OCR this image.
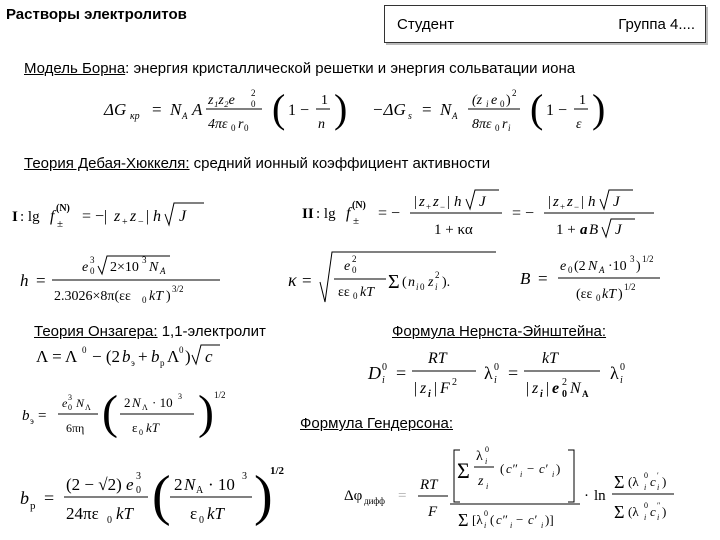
Растворы электролитов
Студент	Группа 4....
Модель Борна: энергия кристаллической решетки и энергия сольватации иона
ΔG кр = N A A z₁z₂e 2
0
4πε 0 r 0 ( 1 −
1
n ) −ΔG s = N A
(z i e 0 ) 2
8πε 0 r i ( 1 −
1
ε )
Теория Дебая-Хюккеля: средний ионный коэффициент активности
I : lg f (N)
± = −| z + z − | h J	II : lg f (N)
± = −
| z + z − | h J
1 + κα
= −
| z + z − | h J
1 + a B J
h =
e 3
0 2×10 3 N A
2.3026×8π(εε 0 kT ) 3/2	κ =
e 2
0
εε 0 kT Σ ( n i 0 z 2
i ).	B =
e 0 (2 N A ·10 3 ) 1/2
(εε 0 kT ) 1/2
Теория Онзагера: 1,1-электролит	Формула Нернста-Эйнштейна:
Λ = Λ 0 − (2 b э + b р Λ 0 ) c
b э =
e 3
0 N Λ
6πη ( 2 N Λ · 10 3
ε 0 kT ) 1/2
b р =
(2 − √2) e 3
0
24πε 0 kT ( 2 N A · 10 3
ε 0 kT )
1/2
D 0
i =
RT
| z i | F 2 λ 0
i =
kT
| z i | e 2
0 N A
λ 0
i
Формула Гендерсона:
Δφ дифф =
RT
F
Σ
λ 0
i
z i
( c″ i − c′ i )
Σ [λ 0
i ( c″ i − c′ i )]
· ln
Σ (λ 0
i c ′
i )
Σ (λ 0
i c ″
i )
